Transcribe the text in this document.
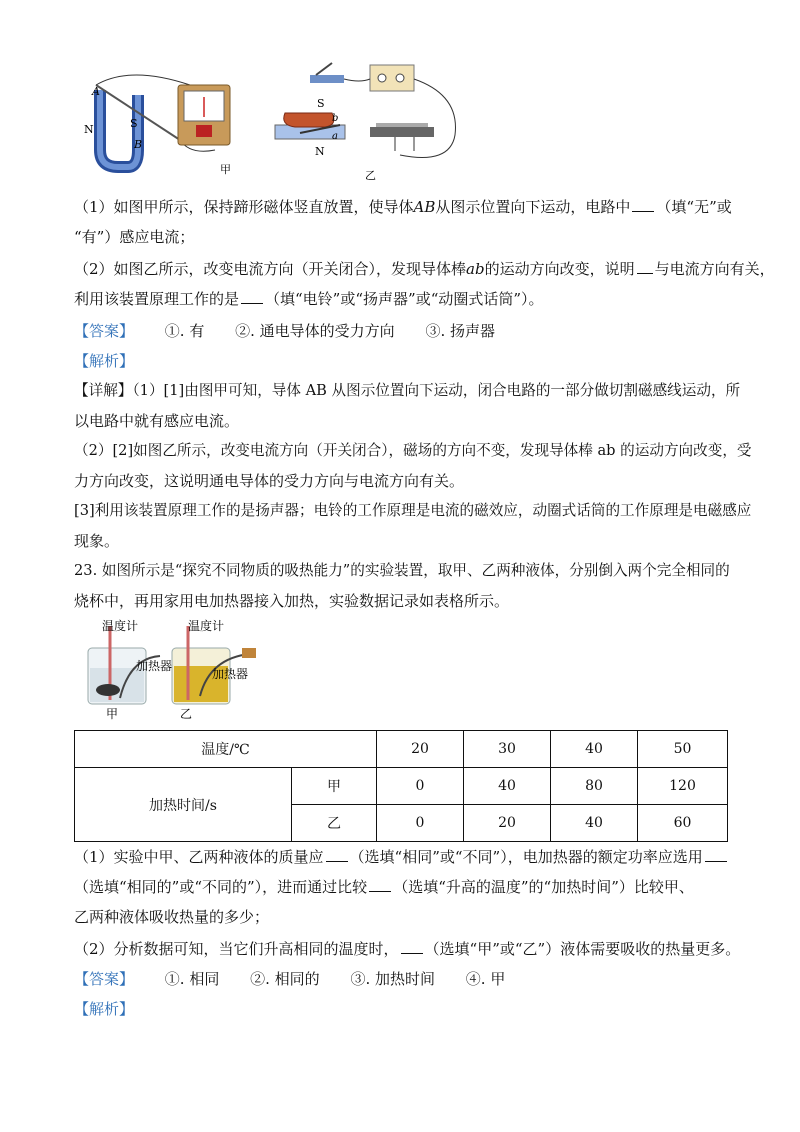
A
N	S
B
甲
S
N
b
a
乙
（1）如图甲所示，保持蹄形磁体竖直放置，使导体AB从图示位置向下运动，电路中 （填“无”或
“有”）感应电流；
（2）如图乙所示，改变电流方向（开关闭合），发现导体棒ab的运动方向改变，说明 与电流方向有关，
利用该装置原理工作的是 （填“电铃”或“扬声器”或“动圈式话筒”）。
【答案】 ①. 有 ②. 通电导体的受力方向 ③. 扬声器
【解析】
【详解】（1）[1]由图甲可知，导体 AB 从图示位置向下运动，闭合电路的一部分做切割磁感线运动，所
以电路中就有感应电流。
（2）[2]如图乙所示，改变电流方向（开关闭合），磁场的方向不变，发现导体棒 ab 的运动方向改变，受
力方向改变，这说明通电导体的受力方向与电流方向有关。
[3]利用该装置原理工作的是扬声器；电铃的工作原理是电流的磁效应，动圈式话筒的工作原理是电磁感应
现象。
23. 如图所示是“探究不同物质的吸热能力”的实验装置，取甲、乙两种液体，分别倒入两个完全相同的
烧杯中，再用家用电加热器接入加热，实验数据记录如表格所示。
温度计	温度计
加热器
加热器
甲	乙
温度/℃		20	30	40	50
加热时间/s	甲	0	40	80	120
	乙	0	20	40	60
（1）实验中甲、乙两种液体的质量应 （选填“相同”或“不同”），电加热器的额定功率应选用
（选填“相同的”或“不同的”），进而通过比较 （选填“升高的温度”的“加热时间”）比较甲、
乙两种液体吸收热量的多少；
（2）分析数据可知，当它们升高相同的温度时， （选填“甲”或“乙”）液体需要吸收的热量更多。
【答案】 ①. 相同 ②. 相同的 ③. 加热时间 ④. 甲
【解析】
